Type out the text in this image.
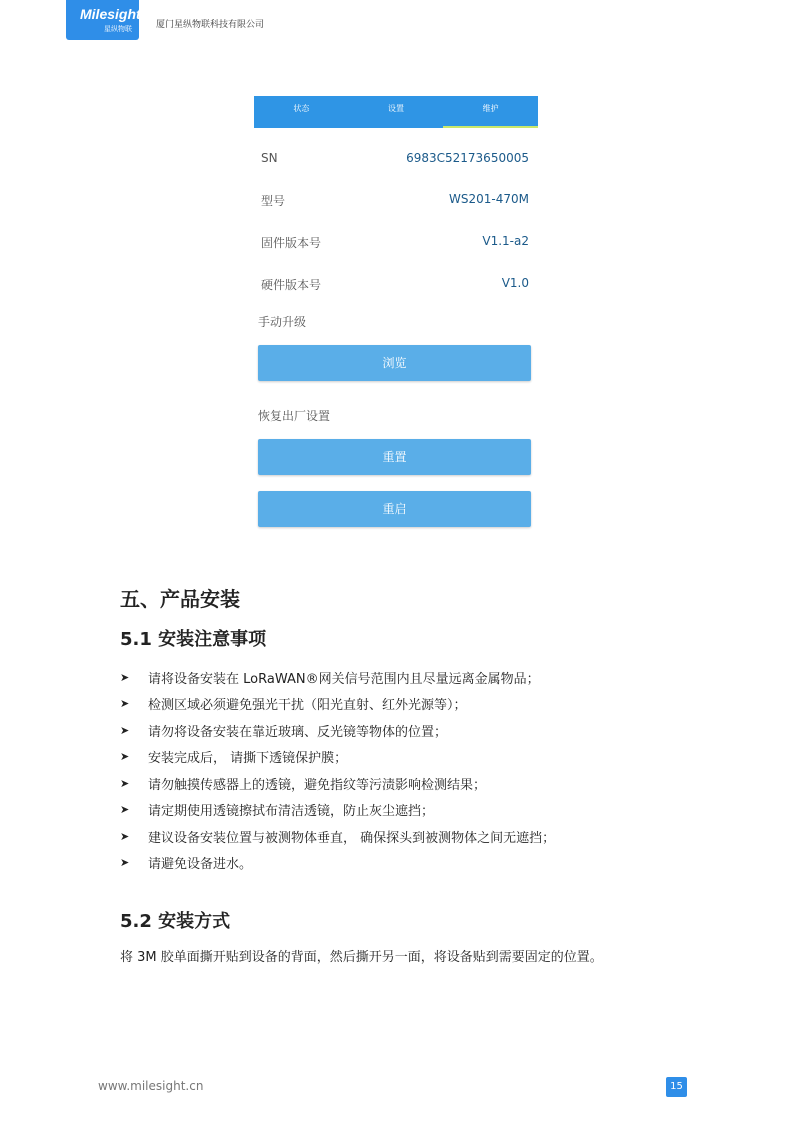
Milesight
星纵物联	厦门星纵物联科技有限公司
状态	设置	维护
SN	6983C52173650005
型号	WS201-470M
固件版本号	V1.1-a2
硬件版本号	V1.0
手动升级
浏览
恢复出厂设置
重置
重启
五、产品安装
5.1 安装注意事项
➤	请将设备安装在 LoRaWAN®网关信号范围内且尽量远离金属物品；
➤	检测区域必须避免强光干扰（阳光直射、红外光源等）；
➤	请勿将设备安装在靠近玻璃、反光镜等物体的位置；
➤	安装完成后， 请撕下透镜保护膜；
➤	请勿触摸传感器上的透镜，避免指纹等污渍影响检测结果；
➤	请定期使用透镜擦拭布清洁透镜，防止灰尘遮挡；
➤	建议设备安装位置与被测物体垂直， 确保探头到被测物体之间无遮挡；
➤	请避免设备进水。
5.2 安装方式
将 3M 胶单面撕开贴到设备的背面，然后撕开另一面，将设备贴到需要固定的位置。
www.milesight.cn	15
